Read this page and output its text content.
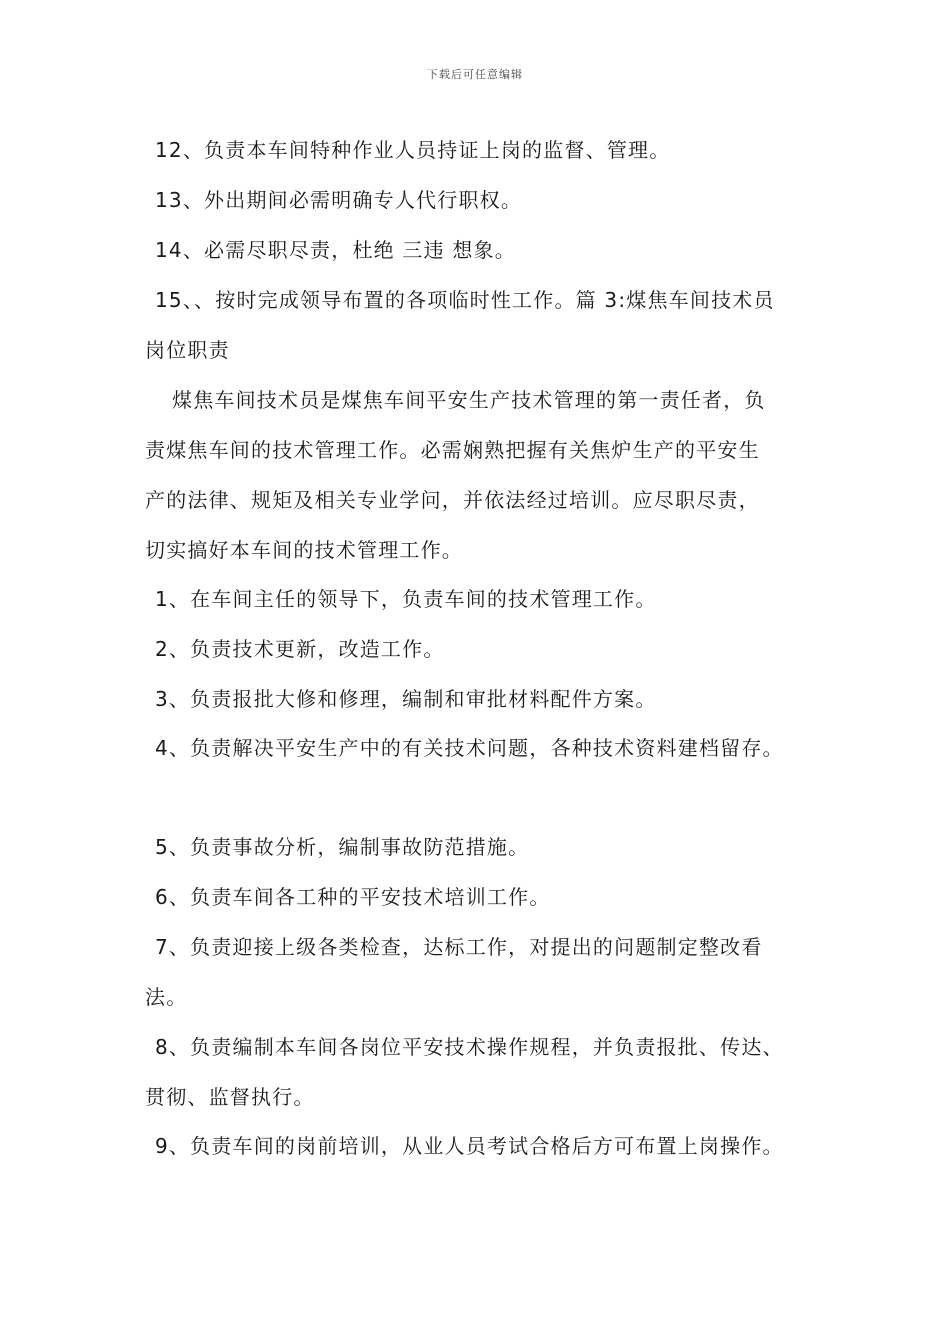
下载后可任意编辑
12、负责本车间特种作业人员持证上岗的监督、管理。
13、外出期间必需明确专人代行职权。
14、必需尽职尽责，杜绝 三违 想象。
15、、按时完成领导布置的各项临时性工作。篇 3:煤焦车间技术员
岗位职责
煤焦车间技术员是煤焦车间平安生产技术管理的第一责任者，负
责煤焦车间的技术管理工作。必需娴熟把握有关焦炉生产的平安生
产的法律、规矩及相关专业学问，并依法经过培训。应尽职尽责，
切实搞好本车间的技术管理工作。
1、在车间主任的领导下，负责车间的技术管理工作。
2、负责技术更新，改造工作。
3、负责报批大修和修理，编制和审批材料配件方案。
4、负责解决平安生产中的有关技术问题，各种技术资料建档留存。
5、负责事故分析，编制事故防范措施。
6、负责车间各工种的平安技术培训工作。
7、负责迎接上级各类检查，达标工作，对提出的问题制定整改看
法。
8、负责编制本车间各岗位平安技术操作规程，并负责报批、传达、
贯彻、监督执行。
9、负责车间的岗前培训，从业人员考试合格后方可布置上岗操作。
